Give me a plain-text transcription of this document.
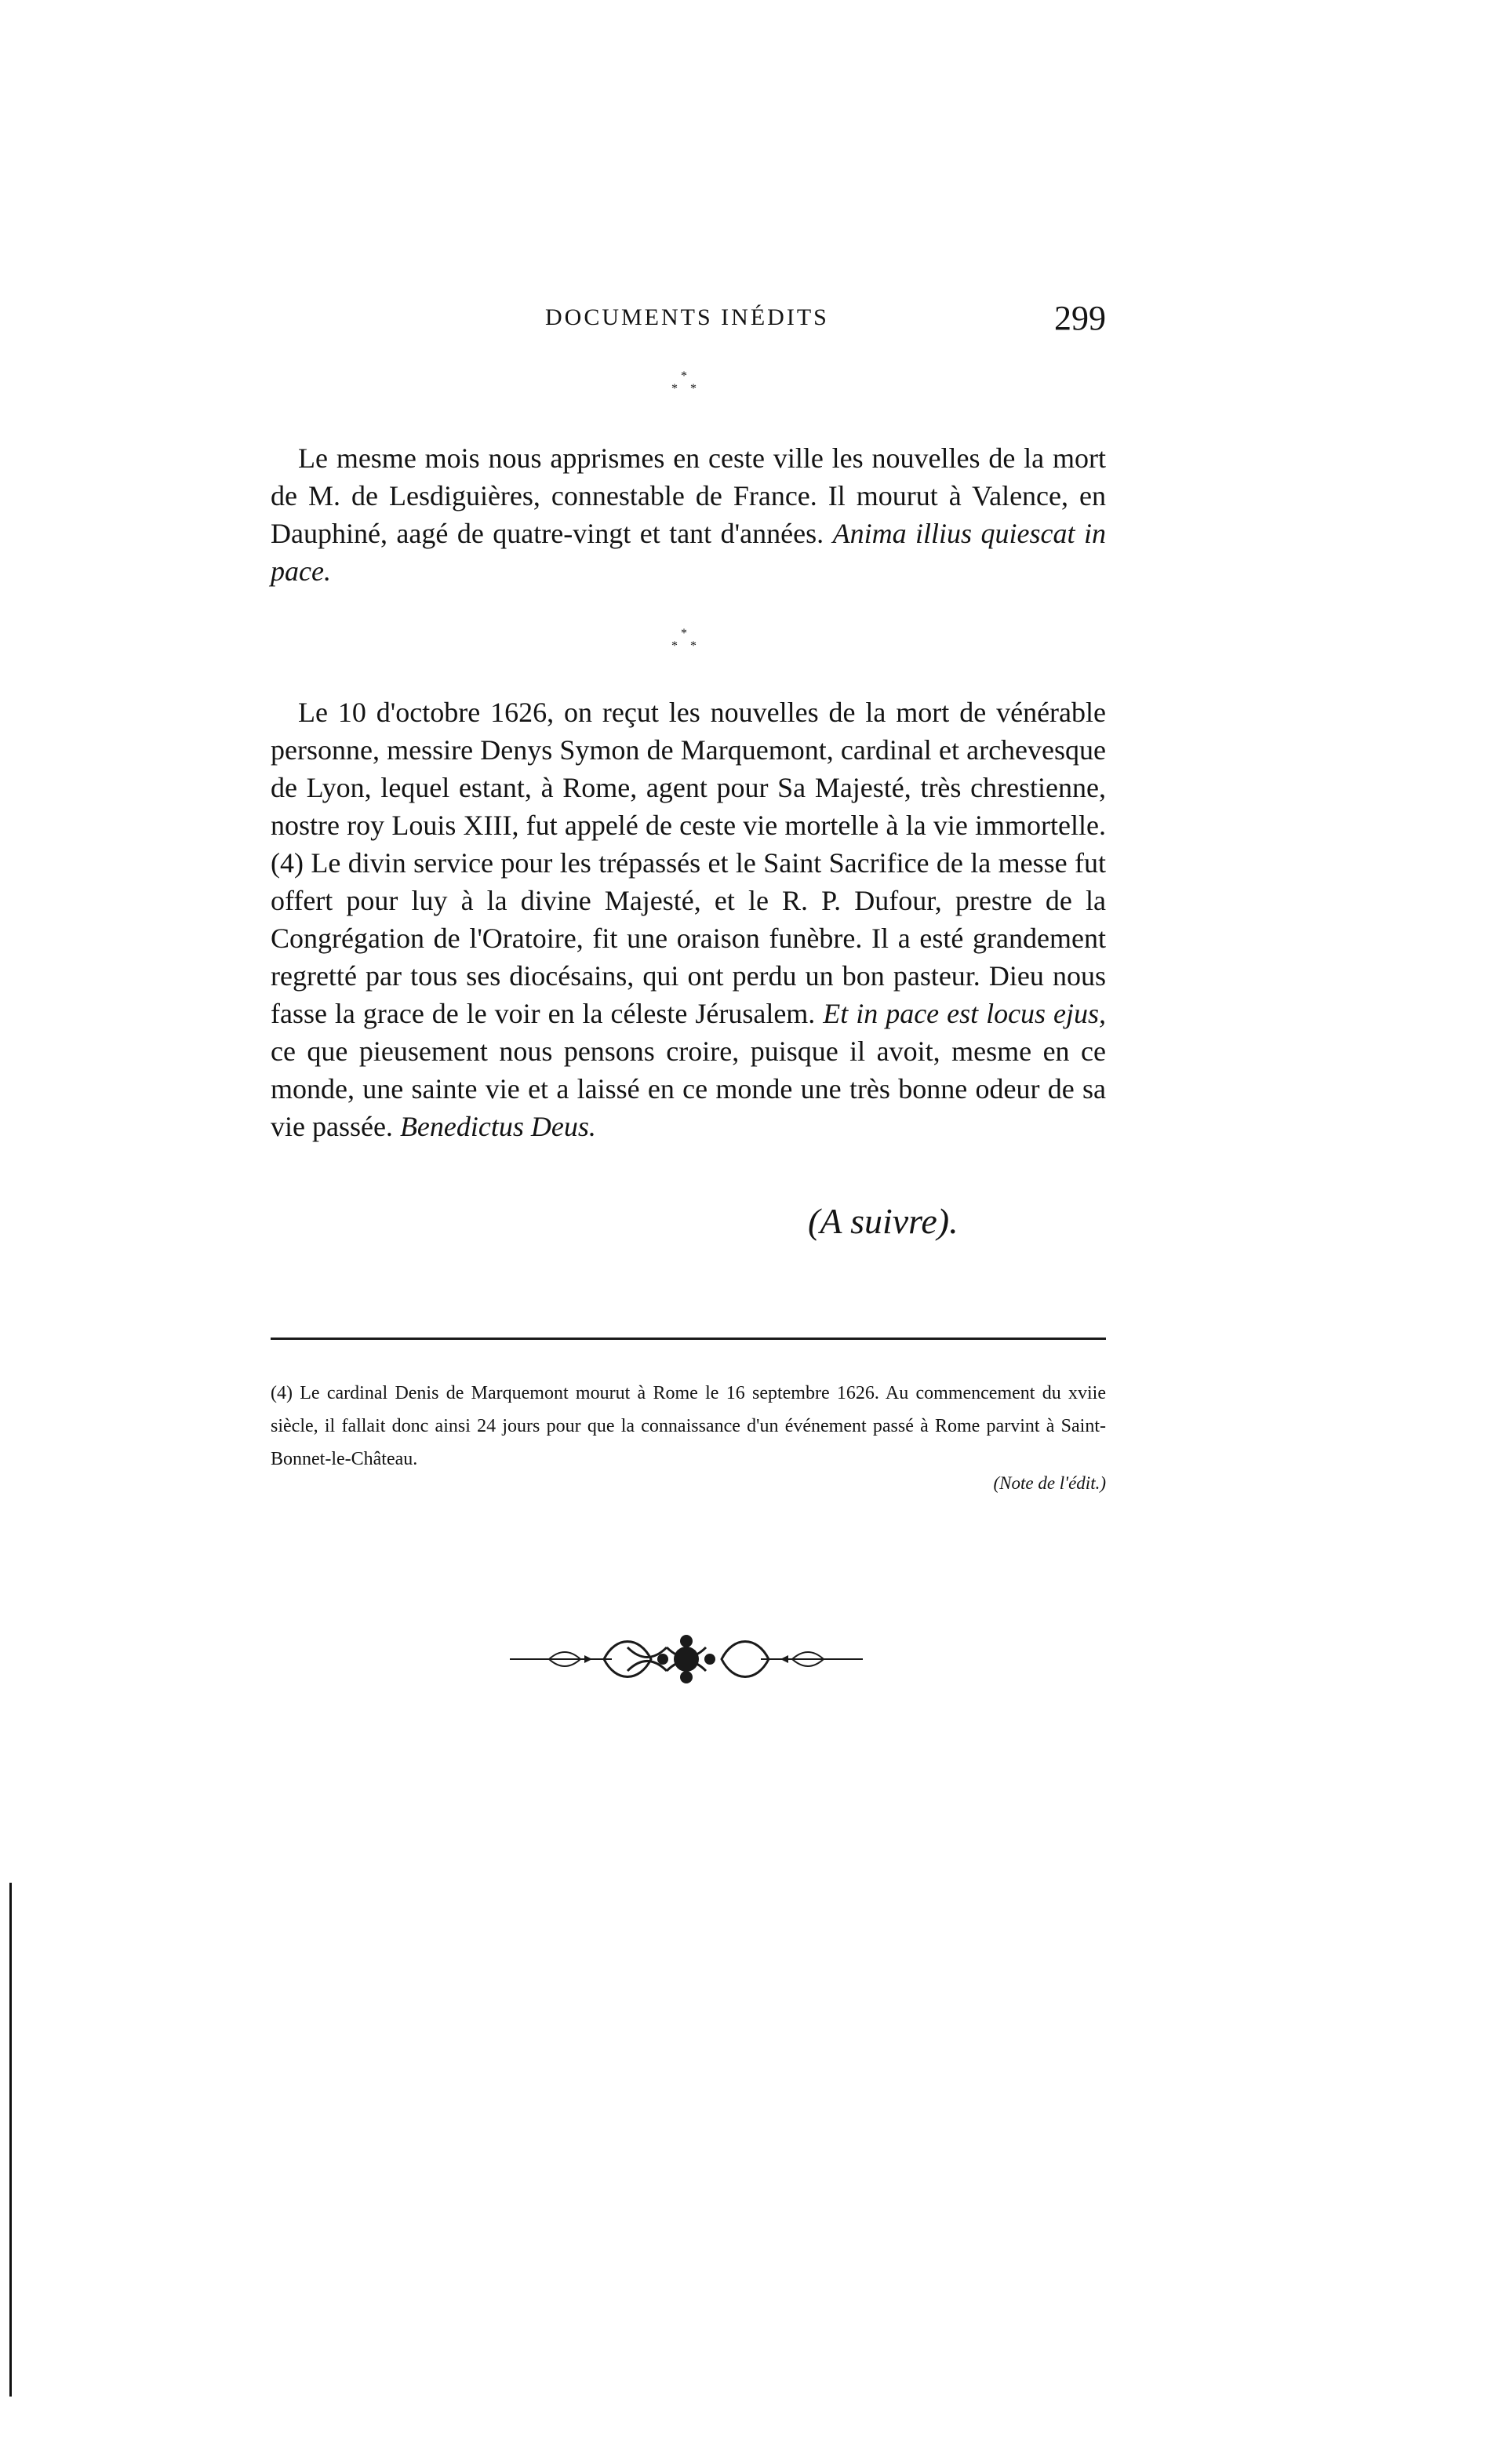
DOCUMENTS INÉDITS	299
*
* *

Le mesme mois nous apprismes en ceste ville les nouvelles de la mort de M. de Lesdiguières, connestable de France. Il mourut à Valence, en Dauphiné, aagé de quatre-vingt et tant d'années. Anima illius quiescat in pace.

*
* *

Le 10 d'octobre 1626, on reçut les nouvelles de la mort de vénérable personne, messire Denys Symon de Marquemont, cardinal et archevesque de Lyon, lequel estant, à Rome, agent pour Sa Majesté, très chrestienne, nostre roy Louis XIII, fut appelé de ceste vie mortelle à la vie immortelle. (4) Le divin service pour les trépassés et le Saint Sacrifice de la messe fut offert pour luy à la divine Majesté, et le R. P. Dufour, prestre de la Congrégation de l'Oratoire, fit une oraison funèbre. Il a esté grandement regretté par tous ses diocésains, qui ont perdu un bon pasteur. Dieu nous fasse la grace de le voir en la céleste Jérusalem. Et in pace est locus ejus, ce que pieusement nous pensons croire, puisque il avoit, mesme en ce monde, une sainte vie et a laissé en ce monde une très bonne odeur de sa vie passée. Benedictus Deus.

(A suivre).

(4) Le cardinal Denis de Marquemont mourut à Rome le 16 septembre 1626. Au commencement du xviie siècle, il fallait donc ainsi 24 jours pour que la connaissance d'un événement passé à Rome parvint à Saint-Bonnet-le-Château.

(Note de l'édit.)
